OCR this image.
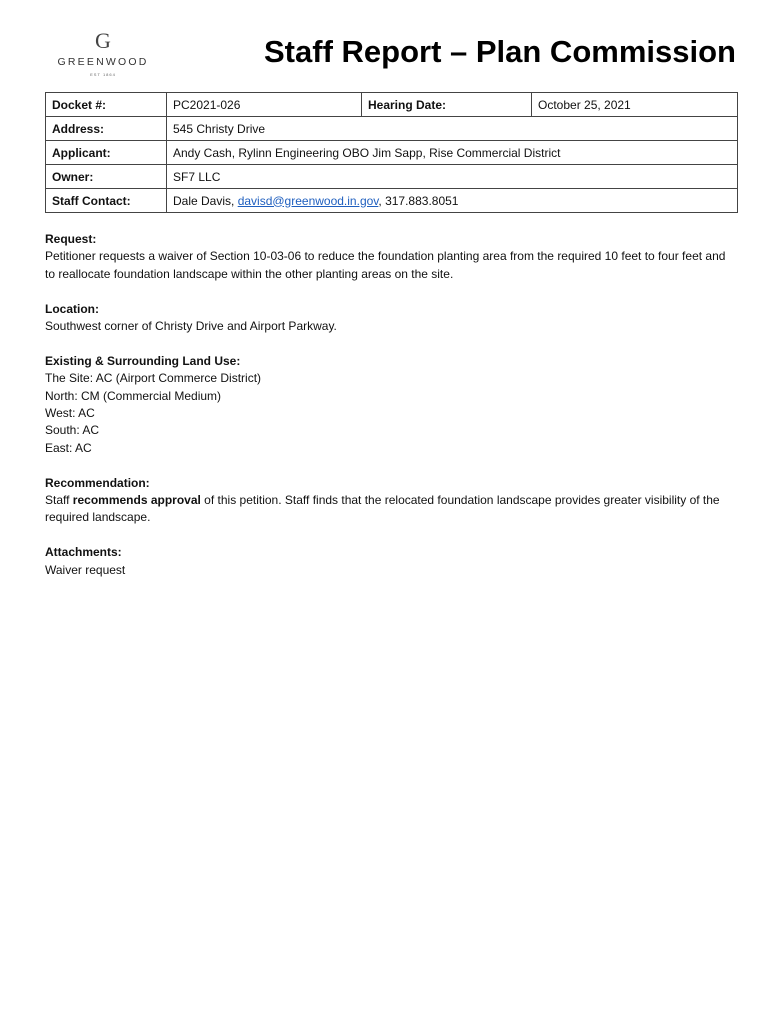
G
GREENWOOD
EST 1864
Staff Report – Plan Commission
Docket #:	PC2021-026	Hearing Date:	October 25, 2021
Address:	545 Christy Drive		
Applicant:	Andy Cash, Rylinn Engineering OBO Jim Sapp, Rise Commercial District		
Owner:	SF7 LLC		
Staff Contact:	Dale Davis, davisd@greenwood.in.gov, 317.883.8051		
Request:
Petitioner requests a waiver of Section 10-03-06 to reduce the foundation planting area from the required 10 feet to four feet and to reallocate foundation landscape within the other planting areas on the site.
Location:
Southwest corner of Christy Drive and Airport Parkway.
Existing & Surrounding Land Use:
The Site: AC (Airport Commerce District)
North: CM (Commercial Medium)
West: AC
South: AC
East: AC
Recommendation:
Staff recommends approval of this petition. Staff finds that the relocated foundation landscape provides greater visibility of the required landscape.
Attachments:
Waiver request
